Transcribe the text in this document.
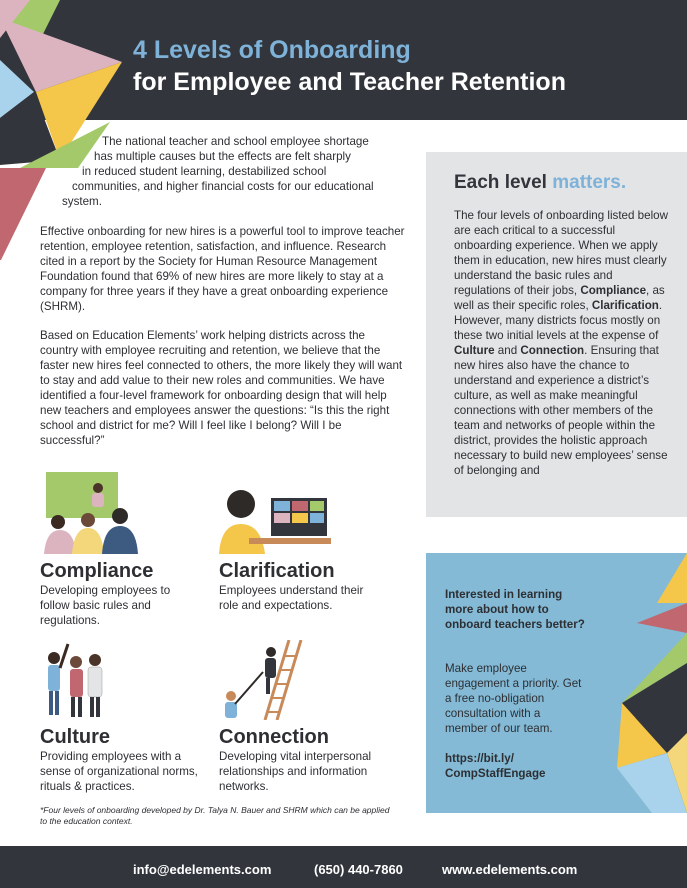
4 Levels of Onboarding
for Employee and Teacher Retention
The national teacher and school employee shortage
has multiple causes but the effects are felt sharply
in reduced student learning, destabilized school
communities, and higher financial costs for our educational
system.
Effective onboarding for new hires is a powerful tool to improve teacher retention, employee retention, satisfaction, and influence. Research cited in a report by the Society for Human Resource Management Foundation found that 69% of new hires are more likely to stay at a company for three years if they have a great onboarding experience (SHRM).
Based on Education Elements’ work helping districts across the country with employee recruiting and retention, we believe that the faster new hires feel connected to others, the more likely they will want to stay and add value to their new roles and communities. We have identified a four-level framework for onboarding design that will help new teachers and employees answer the questions: “Is this the right school and district for me? Will I feel like I belong? Will I be successful?”
Each level matters.
The four levels of onboarding listed below are each critical to a successful onboarding experience. When we apply them in education, new hires must clearly understand the basic rules and regulations of their jobs, Compliance, as well as their specific roles, Clarification. However, many districts focus mostly on these two initial levels at the expense of Culture and Connection. Ensuring that new hires also have the chance to understand and experience a district’s culture, as well as make meaningful connections with other members of the team and networks of people within the district, provides the holistic approach necessary to build new employees’ sense of belonging and
Compliance
Developing employees to follow basic rules and regulations.
Clarification
Employees understand their role and expectations.
Culture
Providing employees with a sense of organizational norms, rituals & practices.
Connection
Developing vital interpersonal relationships and information networks.
Interested in learning more about how to onboard teachers better?
Make employee engagement a priority. Get a free no-obligation consultation with a member of our team.
https://bit.ly/
CompStaffEngage
*Four levels of onboarding developed by Dr. Talya N. Bauer and SHRM which can be applied to the education context.
info@edelements.com	(650) 440-7860	www.edelements.com
